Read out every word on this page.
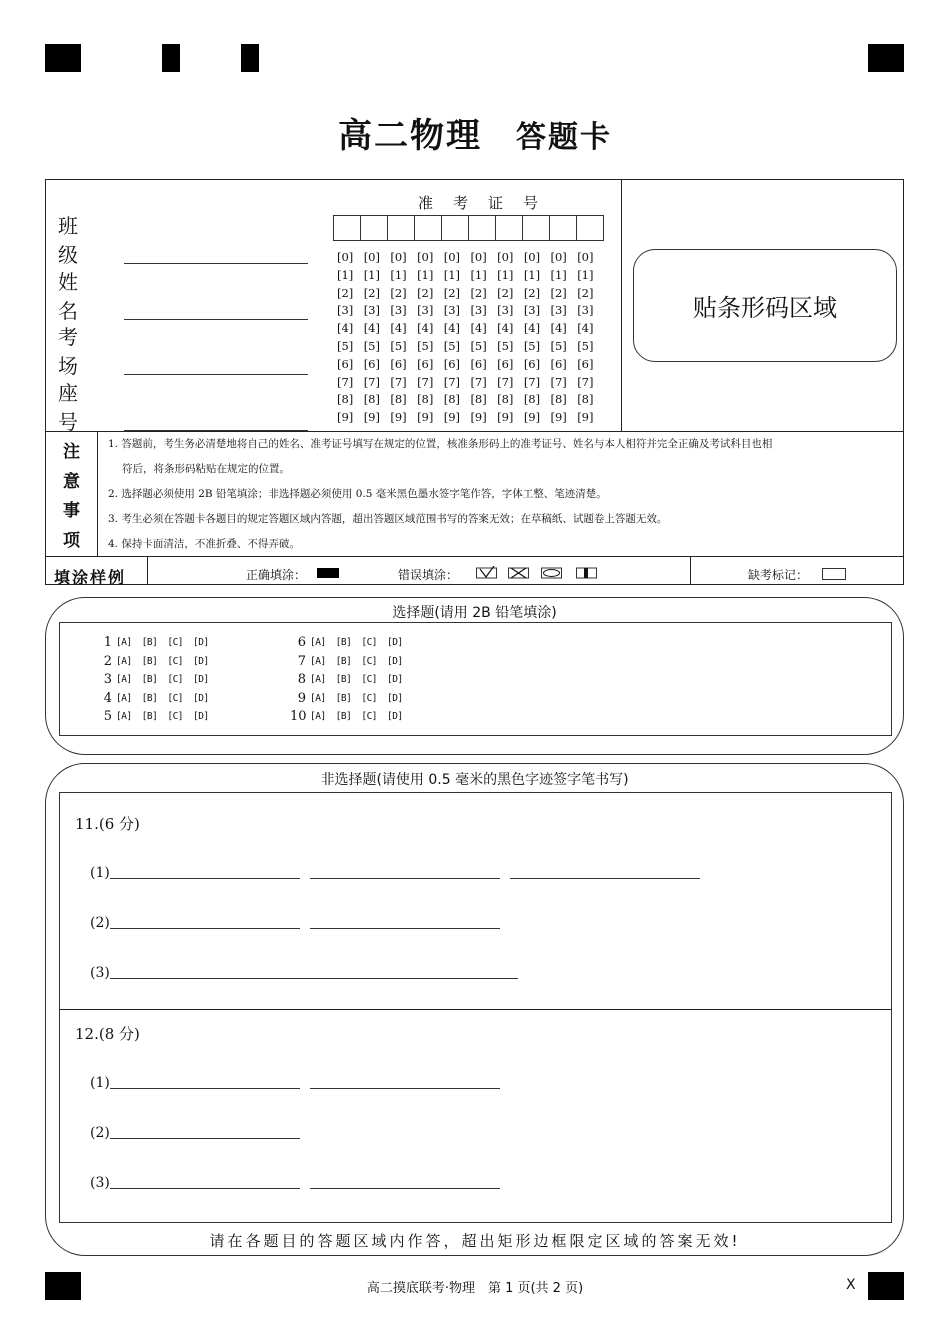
高二物理 答题卡
班级
姓名
考场
座号
准 考 证 号
[0] [0] [0] [0] [0] [0] [0] [0] [0] [0]
[1] [1] [1] [1] [1] [1] [1] [1] [1] [1]
[2] [2] [2] [2] [2] [2] [2] [2] [2] [2]
[3] [3] [3] [3] [3] [3] [3] [3] [3] [3]
[4] [4] [4] [4] [4] [4] [4] [4] [4] [4]
[5] [5] [5] [5] [5] [5] [5] [5] [5] [5]
[6] [6] [6] [6] [6] [6] [6] [6] [6] [6]
[7] [7] [7] [7] [7] [7] [7] [7] [7] [7]
[8] [8] [8] [8] [8] [8] [8] [8] [8] [8]
[9] [9] [9] [9] [9] [9] [9] [9] [9] [9]
贴条形码区域
注
意
事
项
1. 答题前，考生务必清楚地将自己的姓名、准考证号填写在规定的位置，核准条形码上的准考证号、姓名与本人相符并完全正确及考试科目也相
符后，将条形码粘贴在规定的位置。
2. 选择题必须使用 2B 铅笔填涂；非选择题必须使用 0.5 毫米黑色墨水签字笔作答，字体工整、笔迹清楚。
3. 考生必须在答题卡各题目的规定答题区域内答题，超出答题区域范围书写的答案无效；在草稿纸、试题卷上答题无效。
4. 保持卡面清洁，不准折叠、不得弄破。
填涂样例	正确填涂：	错误填涂：	缺考标记：
选择题(请用 2B 铅笔填涂)
1 [A] [B] [C] [D]
2 [A] [B] [C] [D]
3 [A] [B] [C] [D]
4 [A] [B] [C] [D]
5 [A] [B] [C] [D]
6 [A] [B] [C] [D]
7 [A] [B] [C] [D]
8 [A] [B] [C] [D]
9 [A] [B] [C] [D]
10 [A] [B] [C] [D]
非选择题(请使用 0.5 毫米的黑色字迹签字笔书写)
11.(6 分)
(1)
(2)
(3)
12.(8 分)
(1)
(2)
(3)
请在各题目的答题区域内作答，超出矩形边框限定区域的答案无效!
高二摸底联考·物理　第 1 页(共 2 页)	X
